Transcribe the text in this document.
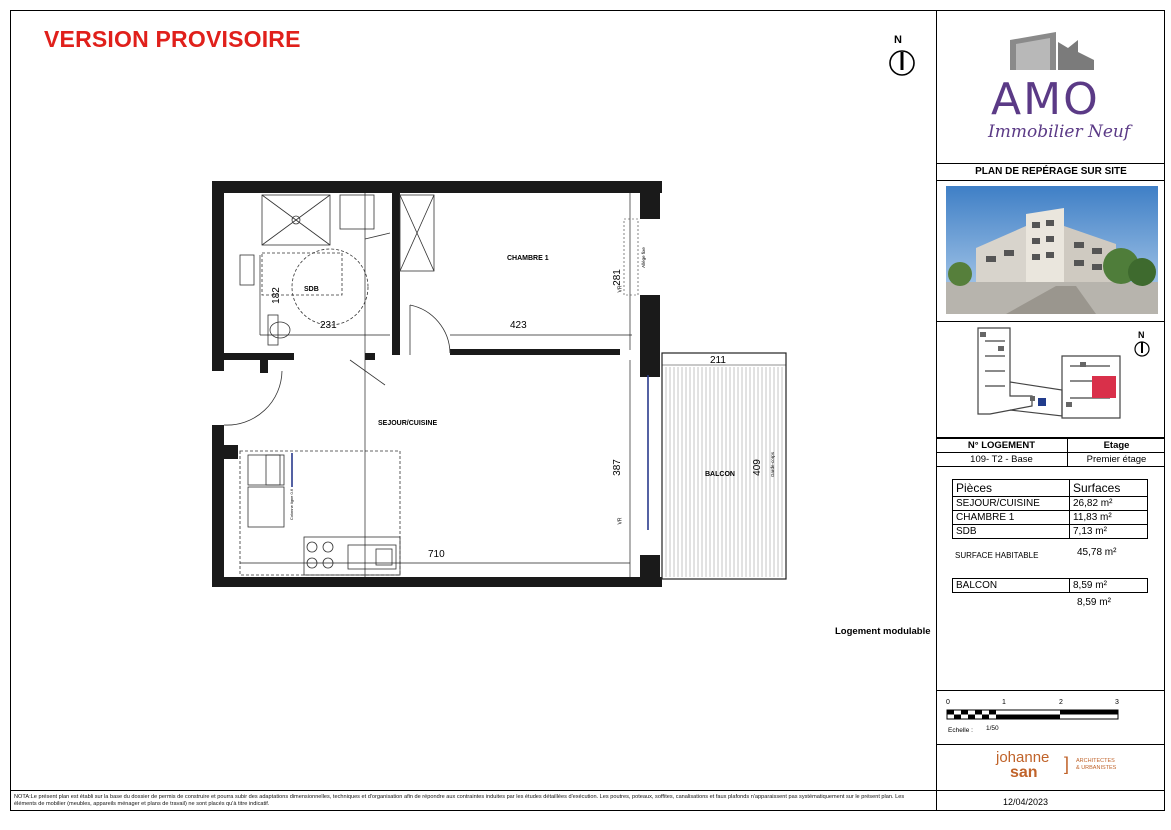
VERSION PROVISOIRE	N
AMO
Immobilier Neuf
PLAN DE REPÉRAGE SUR SITE
N
N° LOGEMENT	Etage
109- T2 - Base	Premier étage
Pièces	Surfaces
SEJOUR/CUISINE	26,82 m²
CHAMBRE 1	11,83 m²
SDB	7,13 m²
SURFACE HABITABLE	45,78 m²
BALCON	8,59 m²
8,59 m²
0	1	2	3
Echelle : 1/50
johanne
san ] ARCHITECTES
& URBANISTES
NOTA:Le présent plan est établi sur la base du dossier de permis de construire et pourra subir des adaptations dimensionnelles, techniques et d'organisation afin de répondre aux contraintes induites par les études détaillées d'exécution. Les poutres, poteaux, soffites, canalisations et faux plafonds n'apparaissent pas systématiquement sur le présent plan. Les éléments de mobilier (meubles, appareils ménager et plans de travail) ne sont placés qu'à titre indicatif.	12/04/2023
Logement modulable
CHAMBRE 1
SDB
SEJOUR/CUISINE
BALCON
231	423
281
182
211
387	409
710
VR
VR
Allège fixe
Garde-corps
Colonne ligne 0.6
